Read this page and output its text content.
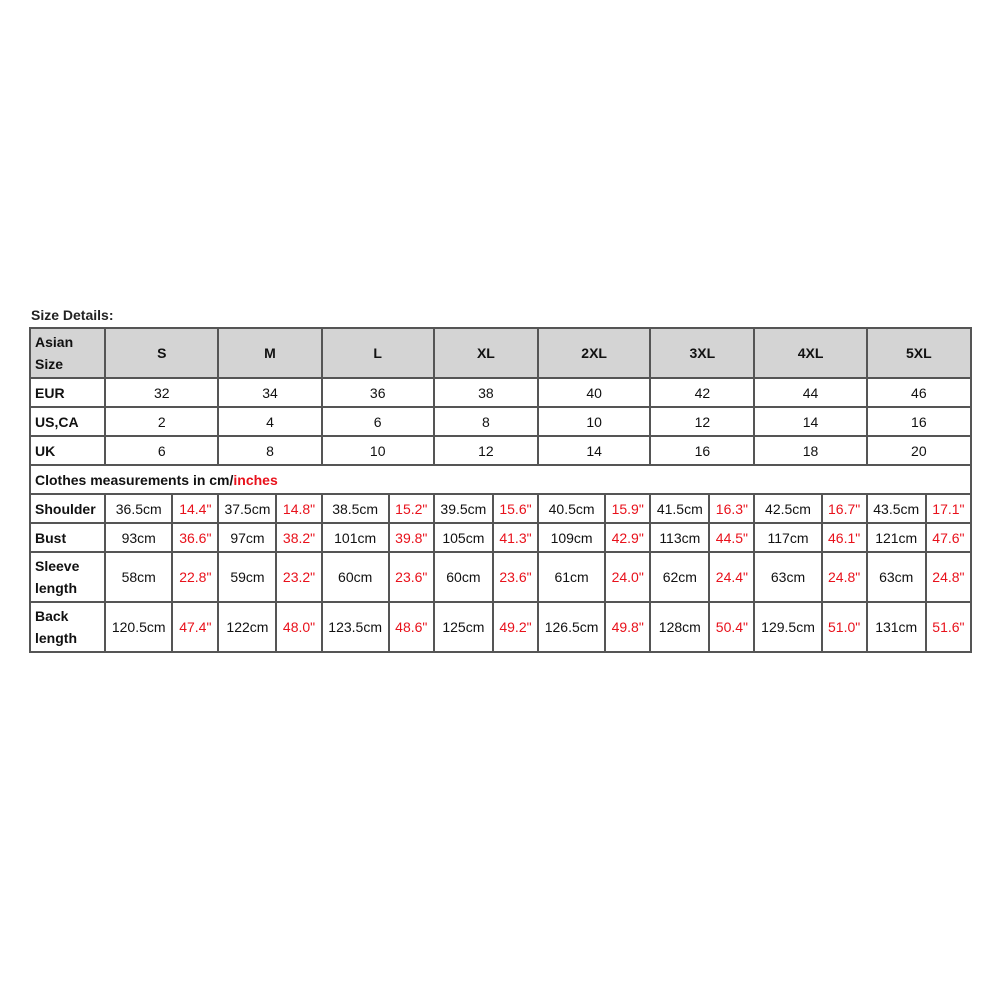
Size Details:
Asian Size	S		M		L		XL		2XL		3XL		4XL		5XL	
EUR	32		34		36		38		40		42		44		46	
US,CA	2		4		6		8		10		12		14		16	
UK	6		8		10		12		14		16		18		20	
Clothes measurements in cm/inches																
Shoulder	36.5cm	14.4"	37.5cm	14.8"	38.5cm	15.2"	39.5cm	15.6"	40.5cm	15.9"	41.5cm	16.3"	42.5cm	16.7"	43.5cm	17.1"
Bust	93cm	36.6"	97cm	38.2"	101cm	39.8"	105cm	41.3"	109cm	42.9"	113cm	44.5"	117cm	46.1"	121cm	47.6"
Sleeve length	58cm	22.8"	59cm	23.2"	60cm	23.6"	60cm	23.6"	61cm	24.0"	62cm	24.4"	63cm	24.8"	63cm	24.8"
Back length	120.5cm	47.4"	122cm	48.0"	123.5cm	48.6"	125cm	49.2"	126.5cm	49.8"	128cm	50.4"	129.5cm	51.0"	131cm	51.6"
